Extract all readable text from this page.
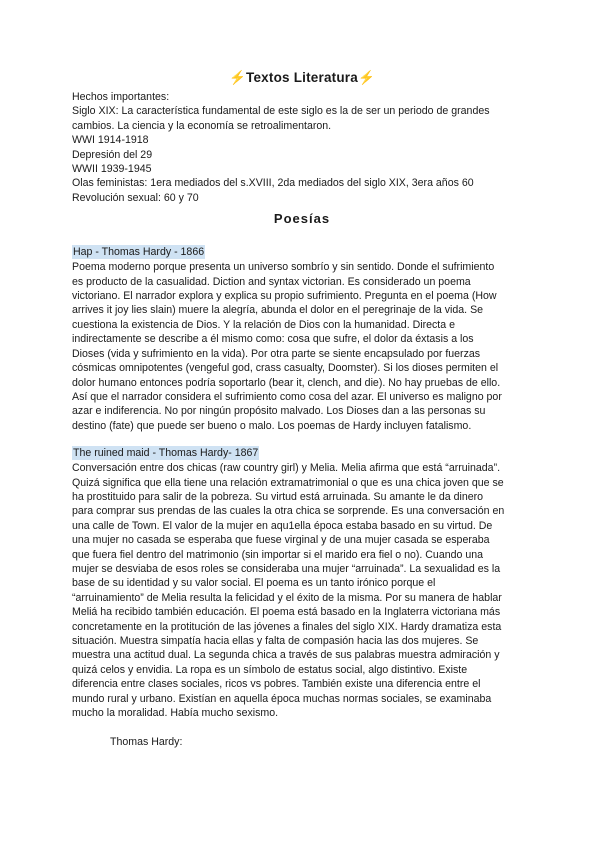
⚡Textos Literatura⚡

Hechos importantes:

Siglo XIX: La característica fundamental de este siglo es la de ser un periodo de grandes

cambios. La ciencia y la economía se retroalimentaron.

WWI 1914-1918

Depresión del 29

WWII 1939-1945

Olas feministas: 1era mediados del s.XVIII, 2da mediados del siglo XIX, 3era años 60

Revolución sexual: 60 y 70

Poesías

Hap - Thomas Hardy - 1866

Poema moderno porque presenta un universo sombrío y sin sentido. Donde el sufrimiento
es producto de la casualidad. Diction and syntax victorian. Es considerado un poema
victoriano. El narrador explora y explica su propio sufrimiento. Pregunta en el poema (How
arrives it joy lies slain) muere la alegría, abunda el dolor en el peregrinaje de la vida. Se
cuestiona la existencia de Dios. Y la relación de Dios con la humanidad. Directa e
indirectamente se describe a él mismo como: cosa que sufre, el dolor da éxtasis a los
Dioses (vida y sufrimiento en la vida). Por otra parte se siente encapsulado por fuerzas
cósmicas omnipotentes (vengeful god, crass casualty, Doomster). Si los dioses permiten el
dolor humano entonces podría soportarlo (bear it, clench, and die). No hay pruebas de ello.
Así que el narrador considera el sufrimiento como cosa del azar. El universo es maligno por
azar e indiferencia. No por ningún propósito malvado. Los Dioses dan a las personas su
destino (fate) que puede ser bueno o malo. Los poemas de Hardy incluyen fatalismo.

The ruined maid - Thomas Hardy- 1867

Conversación entre dos chicas (raw country girl) y Melia. Melia afirma que está “arruinada”.
Quizá significa que ella tiene una relación extramatrimonial o que es una chica joven que se
ha prostituido para salir de la pobreza. Su virtud está arruinada. Su amante le da dinero
para comprar sus prendas de las cuales la otra chica se sorprende. Es una conversación en
una calle de Town. El valor de la mujer en aqu1ella época estaba basado en su virtud. De
una mujer no casada se esperaba que fuese virginal y de una mujer casada se esperaba
que fuera fiel dentro del matrimonio (sin importar si el marido era fiel o no). Cuando una
mujer se desviaba de esos roles se consideraba una mujer “arruinada”. La sexualidad es la
base de su identidad y su valor social. El poema es un tanto irónico porque el
“arruinamiento” de Melia resulta la felicidad y el éxito de la misma. Por su manera de hablar
Meliá ha recibido también educación. El poema está basado en la Inglaterra victoriana más
concretamente en la protitución de las jóvenes a finales del siglo XIX. Hardy dramatiza esta
situación. Muestra simpatía hacia ellas y falta de compasión hacia las dos mujeres. Se
muestra una actitud dual. La segunda chica a través de sus palabras muestra admiración y
quizá celos y envidia. La ropa es un símbolo de estatus social, algo distintivo. Existe
diferencia entre clases sociales, ricos vs pobres. También existe una diferencia entre el
mundo rural y urbano. Existían en aquella época muchas normas sociales, se examinaba
mucho la moralidad. Había mucho sexismo.

Thomas Hardy:
